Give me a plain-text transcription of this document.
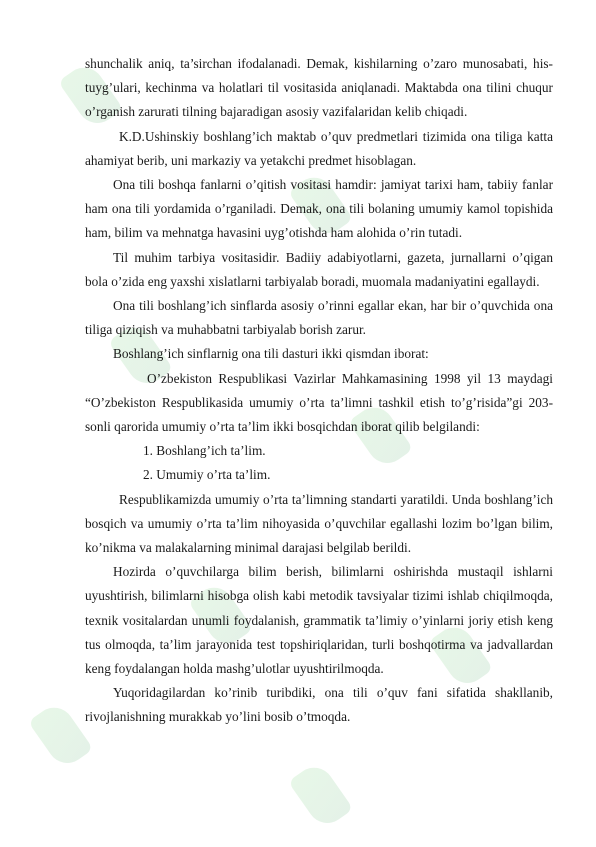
shunchalik aniq, ta’sirchan ifodalanadi. Demak, kishilarning o’zaro munosabati, his-tuyg’ulari, kechinma va holatlari til vositasida aniqlanadi. Maktabda ona tilini chuqur o’rganish zarurati tilning bajaradigan asosiy vazifalaridan kelib chiqadi.

K.D.Ushinskiy boshlang’ich maktab o’quv predmetlari tizimida ona tiliga katta ahamiyat berib, uni markaziy va yetakchi predmet hisoblagan.

Ona tili boshqa fanlarni o’qitish vositasi hamdir: jamiyat tarixi ham, tabiiy fanlar ham ona tili yordamida o’rganiladi. Demak, ona tili bolaning umumiy kamol topishida ham, bilim va mehnatga havasini uyg’otishda ham alohida o’rin tutadi.

Til muhim tarbiya vositasidir. Badiiy adabiyotlarni, gazeta, jurnallarni o’qigan bola o’zida eng yaxshi xislatlarni tarbiyalab boradi, muomala madaniyatini egallaydi.

Ona tili boshlang’ich sinflarda asosiy o’rinni egallar ekan, har bir o’quvchida ona tiliga qiziqish va muhabbatni tarbiyalab borish zarur.

Boshlang’ich sinflarnig ona tili dasturi ikki qismdan iborat:

O’zbekiston Respublikasi Vazirlar Mahkamasining 1998 yil 13 maydagi “O’zbekiston Respublikasida umumiy o’rta ta’limni tashkil etish to’g’risida”gi 203-sonli qarorida umumiy o’rta ta’lim ikki bosqichdan iborat qilib belgilandi:

1. Boshlang’ich ta’lim.

2. Umumiy o’rta ta’lim.

Respublikamizda umumiy o’rta ta’limning standarti yaratildi. Unda boshlang’ich bosqich va umumiy o’rta ta’lim nihoyasida o’quvchilar egallashi lozim bo’lgan bilim, ko’nikma va malakalarning minimal darajasi belgilab berildi.

Hozirda o’quvchilarga bilim berish, bilimlarni oshirishda mustaqil ishlarni uyushtirish, bilimlarni hisobga olish kabi metodik tavsiyalar tizimi ishlab chiqilmoqda, texnik vositalardan unumli foydalanish, grammatik ta’limiy o’yinlarni joriy etish keng tus olmoqda, ta’lim jarayonida test topshiriqlaridan, turli boshqotirma va jadvallardan keng foydalangan holda mashg’ulotlar uyushtirilmoqda.

Yuqoridagilardan ko’rinib turibdiki, ona tili o’quv fani sifatida shakllanib, rivojlanishning murakkab yo’lini bosib o’tmoqda.
